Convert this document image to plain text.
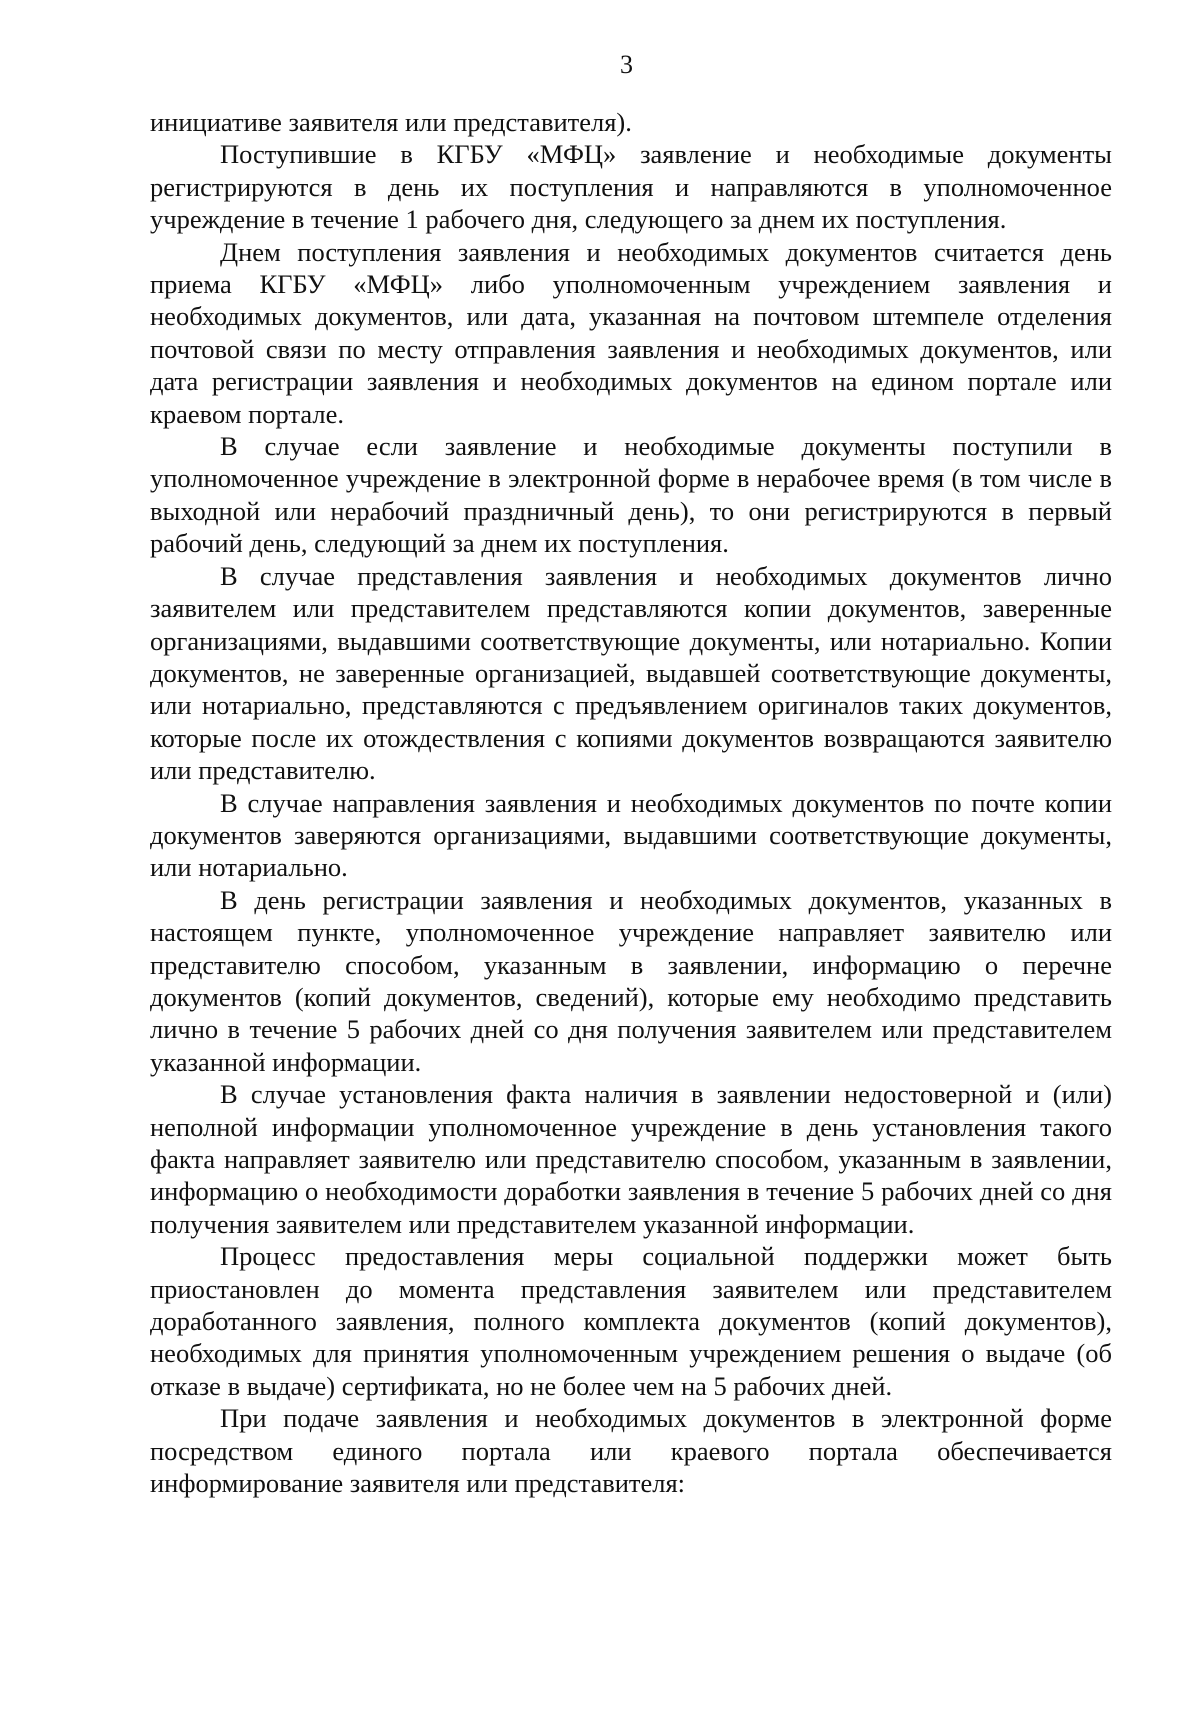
3

инициативе заявителя или представителя).

Поступившие в КГБУ «МФЦ» заявление и необходимые документы регистрируются в день их поступления и направляются в уполномоченное учреждение в течение 1 рабочего дня, следующего за днем их поступления.

Днем поступления заявления и необходимых документов считается день приема КГБУ «МФЦ» либо уполномоченным учреждением заявления и необходимых документов, или дата, указанная на почтовом штемпеле отделения почтовой связи по месту отправления заявления и необходимых документов, или дата регистрации заявления и необходимых документов на едином портале или краевом портале.

В случае если заявление и необходимые документы поступили в уполномоченное учреждение в электронной форме в нерабочее время (в том числе в выходной или нерабочий праздничный день), то они регистрируются в первый рабочий день, следующий за днем их поступления.

В случае представления заявления и необходимых документов лично заявителем или представителем представляются копии документов, заверенные организациями, выдавшими соответствующие документы, или нотариально. Копии документов, не заверенные организацией, выдавшей соответствующие документы, или нотариально, представляются с предъявлением оригиналов таких документов, которые после их отождествления с копиями документов возвращаются заявителю или представителю.

В случае направления заявления и необходимых документов по почте копии документов заверяются организациями, выдавшими соответствующие документы, или нотариально.

В день регистрации заявления и необходимых документов, указанных в настоящем пункте, уполномоченное учреждение направляет заявителю или представителю способом, указанным в заявлении, информацию о перечне документов (копий документов, сведений), которые ему необходимо представить лично в течение 5 рабочих дней со дня получения заявителем или представителем указанной информации.

В случае установления факта наличия в заявлении недостоверной и (или) неполной информации уполномоченное учреждение в день установления такого факта направляет заявителю или представителю способом, указанным в заявлении, информацию о необходимости доработки заявления в течение 5 рабочих дней со дня получения заявителем или представителем указанной информации.

Процесс предоставления меры социальной поддержки может быть приостановлен до момента представления заявителем или представителем доработанного заявления, полного комплекта документов (копий документов), необходимых для принятия уполномоченным учреждением решения о выдаче (об отказе в выдаче) сертификата, но не более чем на 5 рабочих дней.

При подаче заявления и необходимых документов в электронной форме посредством единого портала или краевого портала обеспечивается информирование заявителя или представителя:
